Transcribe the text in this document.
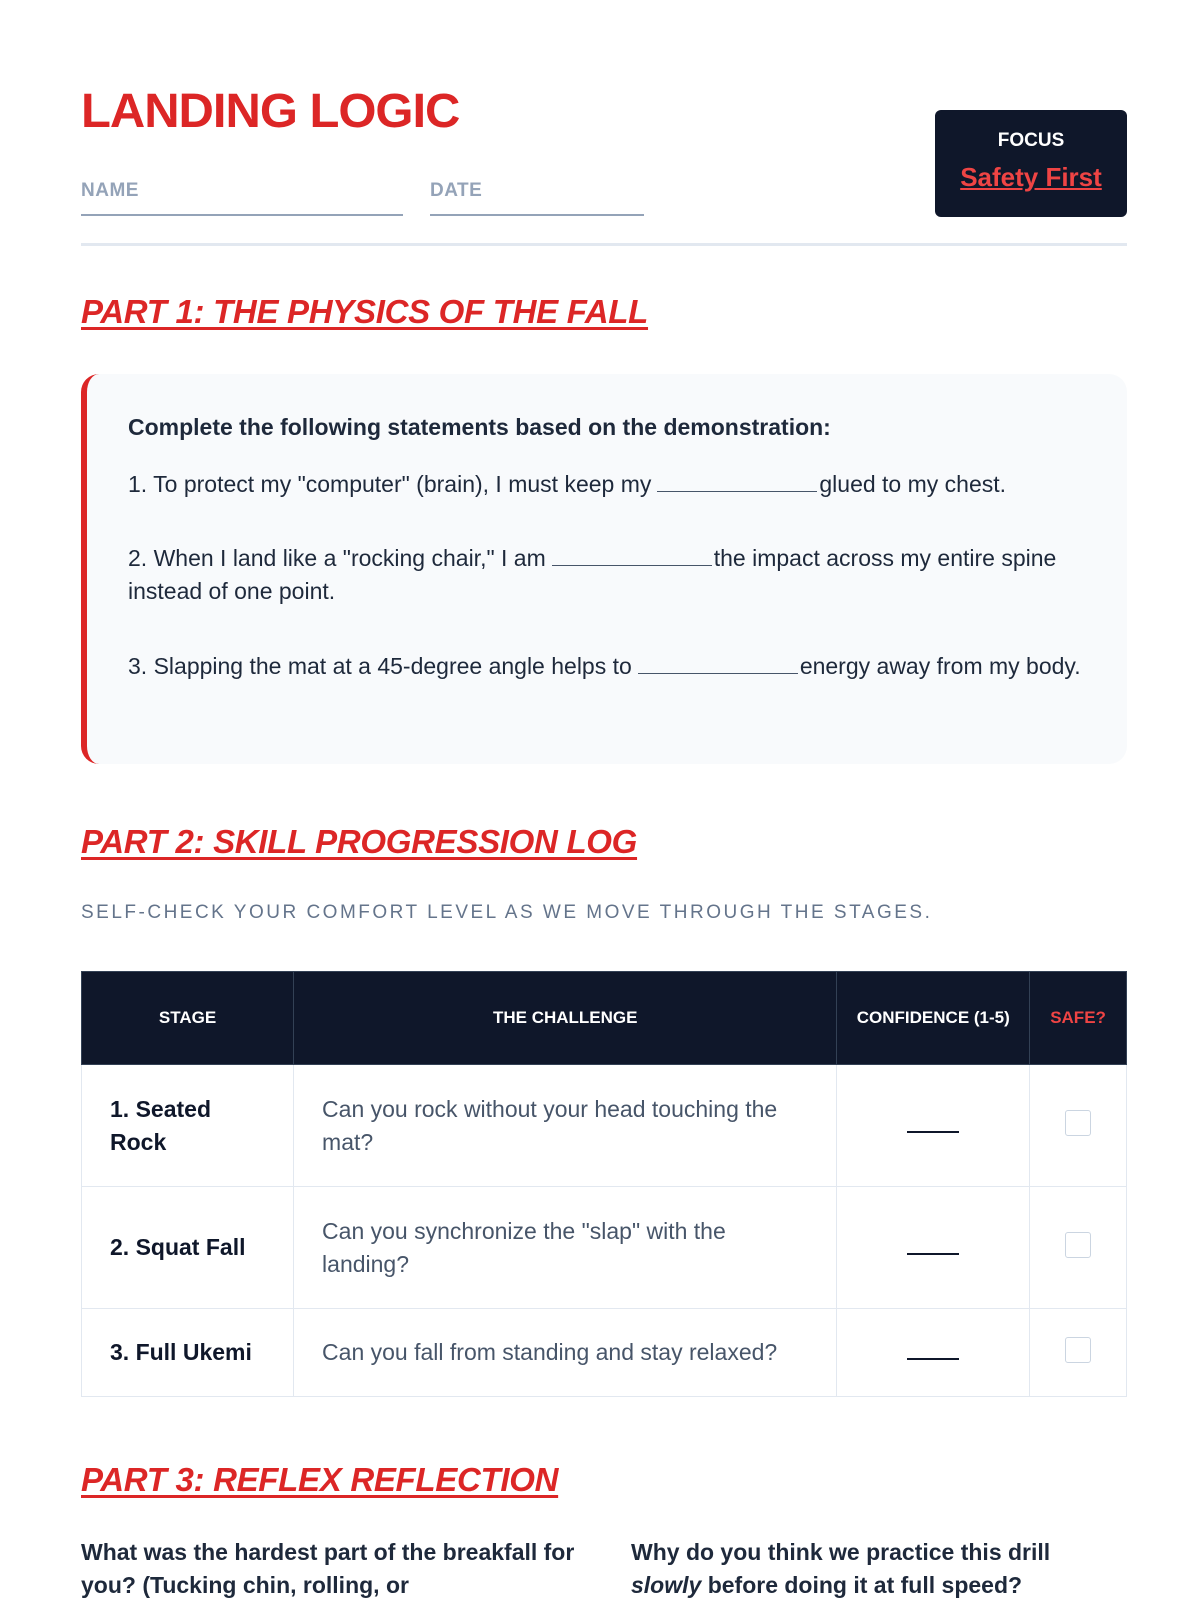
LANDING LOGIC
NAME	DATE
FOCUS
Safety First
PART 1: THE PHYSICS OF THE FALL
Complete the following statements based on the demonstration:
1. To protect my "computer" (brain), I must keep my	glued to my chest.
2. When I land like a "rocking chair," I am	the impact across my entire spine instead of one point.
3. Slapping the mat at a 45-degree angle helps to	energy away from my body.
PART 2: SKILL PROGRESSION LOG
SELF-CHECK YOUR COMFORT LEVEL AS WE MOVE THROUGH THE STAGES.
STAGE	THE CHALLENGE	CONFIDENCE (1-5)	SAFE?
1. Seated Rock	Can you rock without your head touching the mat?		
2. Squat Fall	Can you synchronize the "slap" with the landing?		
3. Full Ukemi	Can you fall from standing and stay relaxed?		
PART 3: REFLEX REFLECTION
What was the hardest part of the breakfall for you? (Tucking chin, rolling, or
Why do you think we practice this drill slowly before doing it at full speed?
